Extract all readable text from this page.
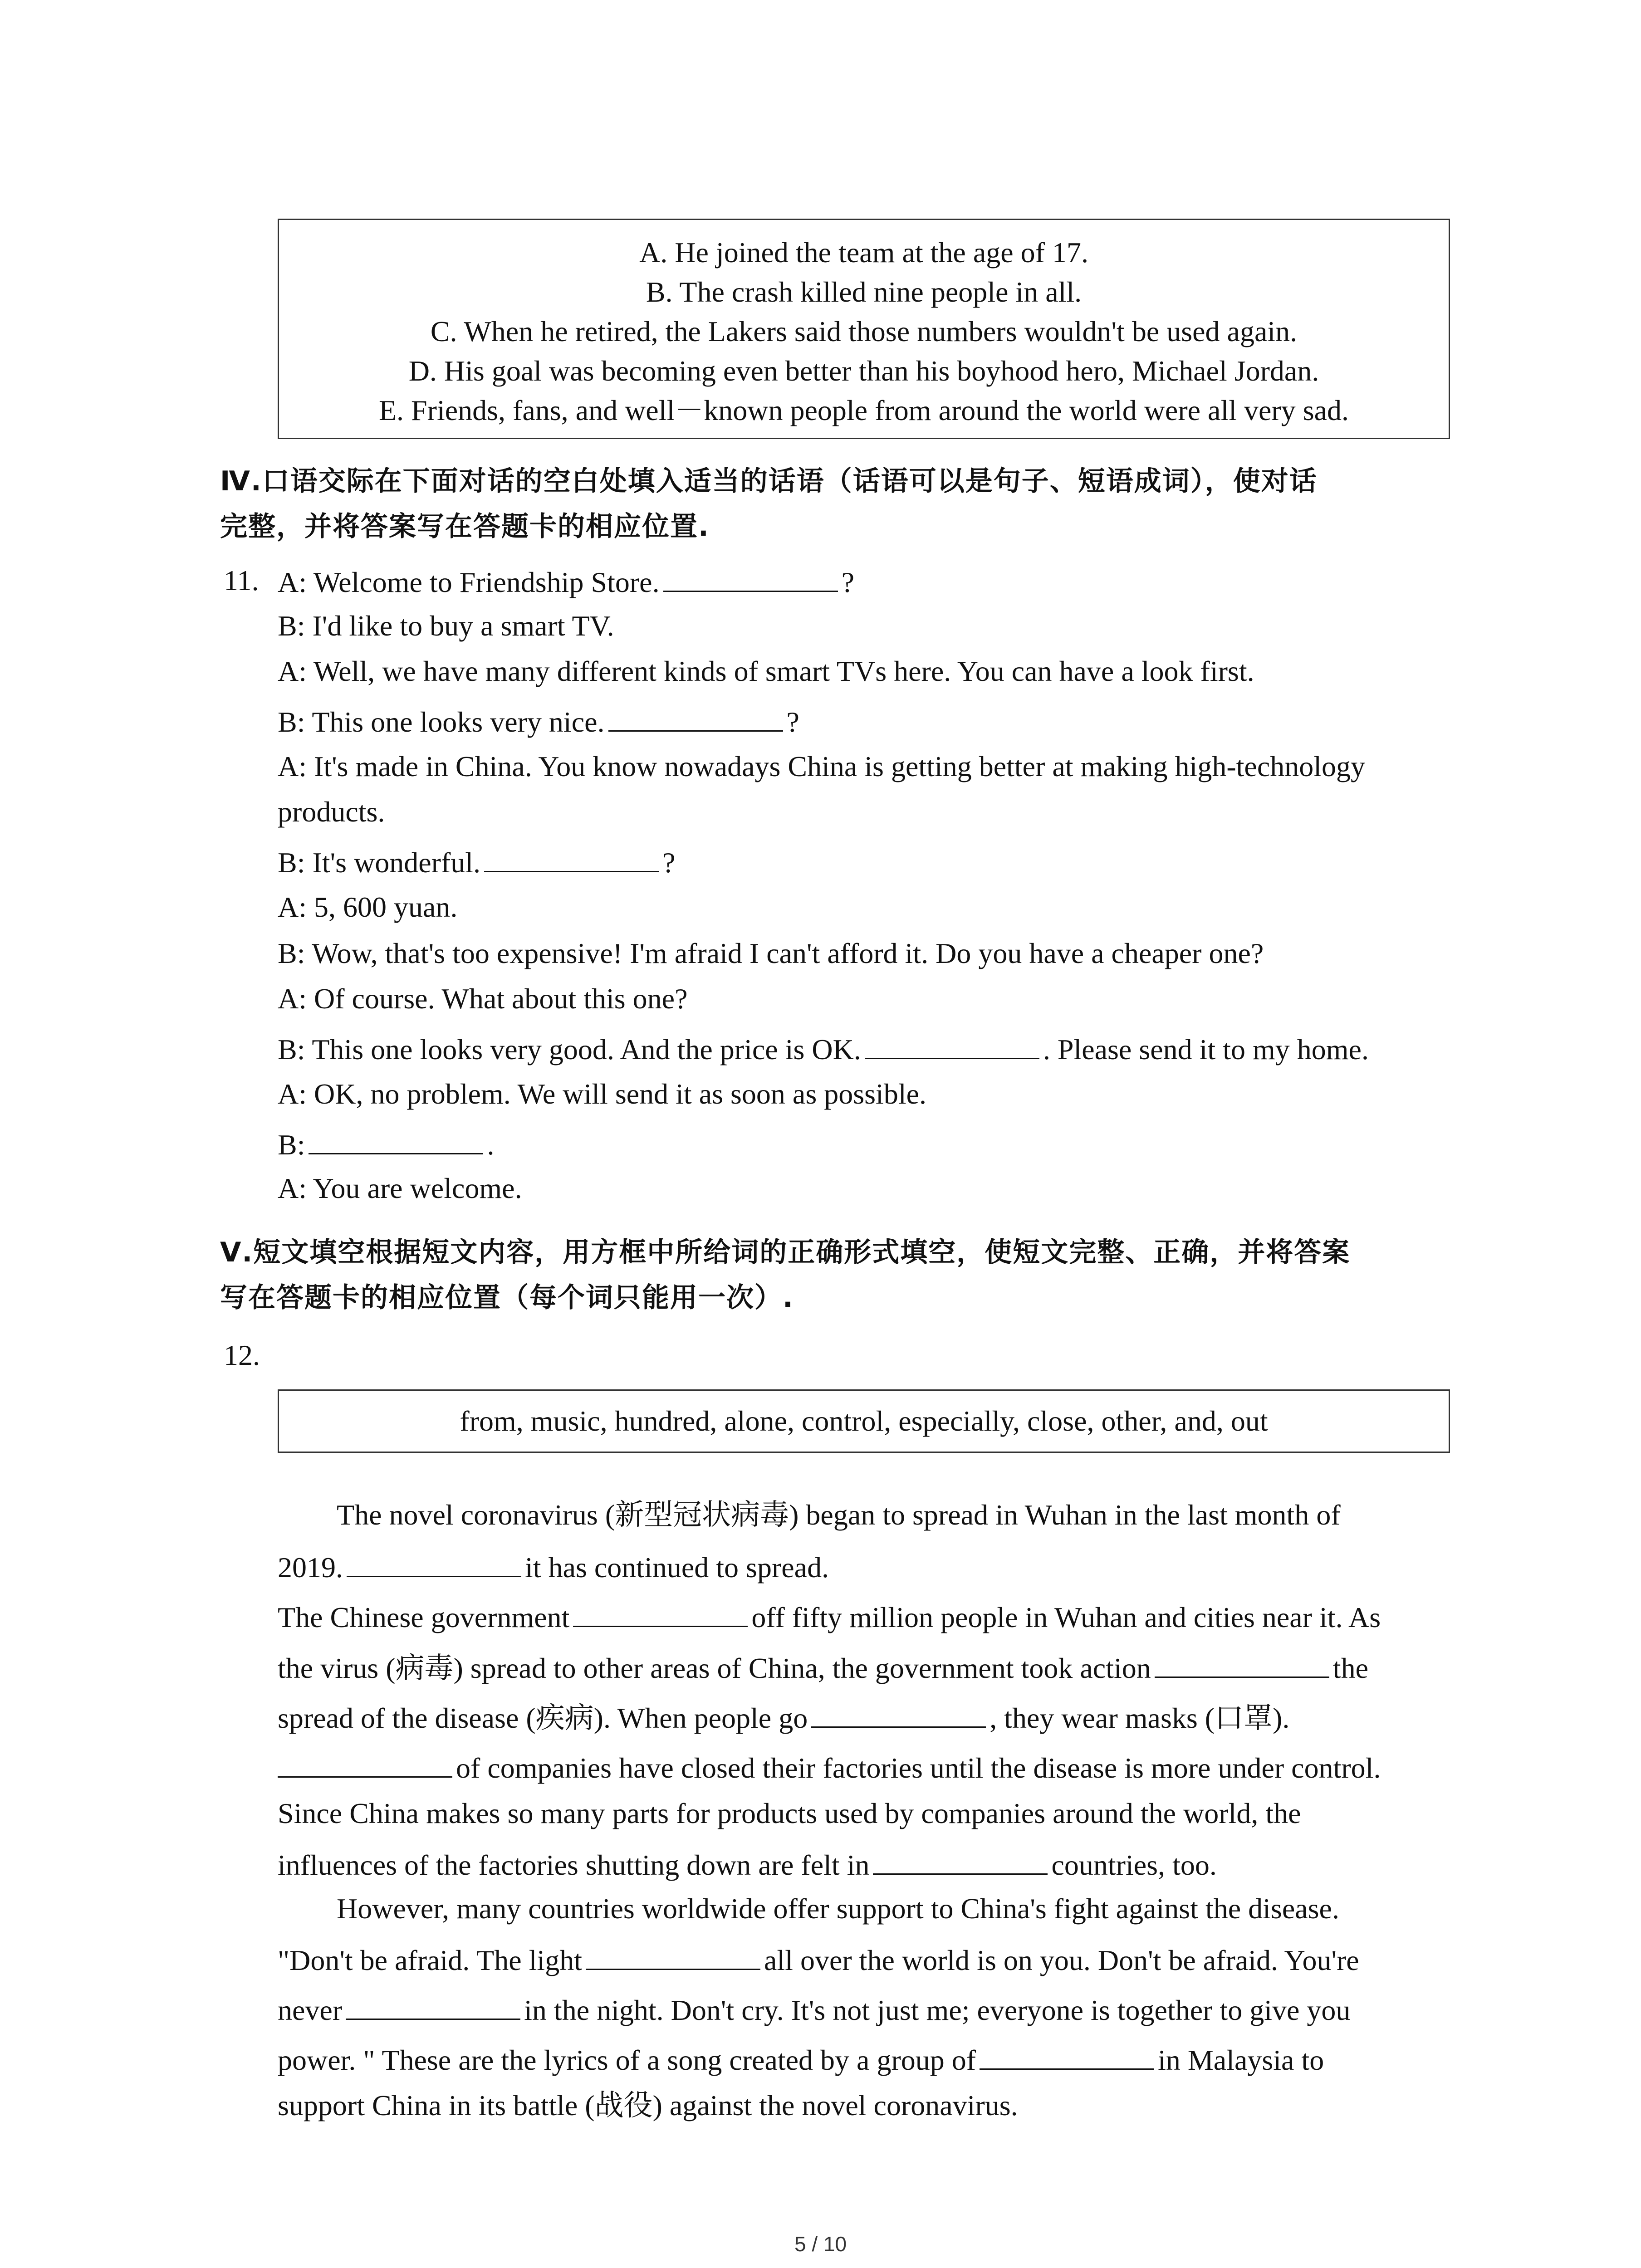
A. He joined the team at the age of 17.
B. The crash killed nine people in all.
C. When he retired, the Lakers said those numbers wouldn't be used again.
D. His goal was becoming even better than his boyhood hero, Michael Jordan.
E. Friends, fans, and well－known people from around the world were all very sad.
Ⅳ.口语交际在下面对话的空白处填入适当的话语（话语可以是句子、短语成词），使对话
完整，并将答案写在答题卡的相应位置.
11. A: Welcome to Friendship Store.	?
B: I'd like to buy a smart TV.
A: Well, we have many different kinds of smart TVs here. You can have a look first.
B: This one looks very nice.	?
A: It's made in China. You know nowadays China is getting better at making high-technology
products.
B: It's wonderful.	?
A: 5, 600 yuan.
B: Wow, that's too expensive! I'm afraid I can't afford it. Do you have a cheaper one?
A: Of course. What about this one?
B: This one looks very good. And the price is OK.	. Please send it to my home.
A: OK, no problem. We will send it as soon as possible.
B:	.
A: You are welcome.
Ⅴ.短文填空根据短文内容，用方框中所给词的正确形式填空，使短文完整、正确，并将答案
写在答题卡的相应位置（每个词只能用一次）.
12.
from, music, hundred, alone, control, especially, close, other, and, out
The novel coronavirus (新型冠状病毒) began to spread in Wuhan in the last month of
2019.	it has continued to spread.
The Chinese government	off fifty million people in Wuhan and cities near it. As
the virus (病毒) spread to other areas of China, the government took action	the
spread of the disease (疾病). When people go	, they wear masks (口罩).
of companies have closed their factories until the disease is more under control.
Since China makes so many parts for products used by companies around the world, the
influences of the factories shutting down are felt in	countries, too.
However, many countries worldwide offer support to China's fight against the disease.
"Don't be afraid. The light	all over the world is on you. Don't be afraid. You're
never	in the night. Don't cry. It's not just me; everyone is together to give you
power. " These are the lyrics of a song created by a group of	in Malaysia to
support China in its battle (战役) against the novel coronavirus.
5 / 10
